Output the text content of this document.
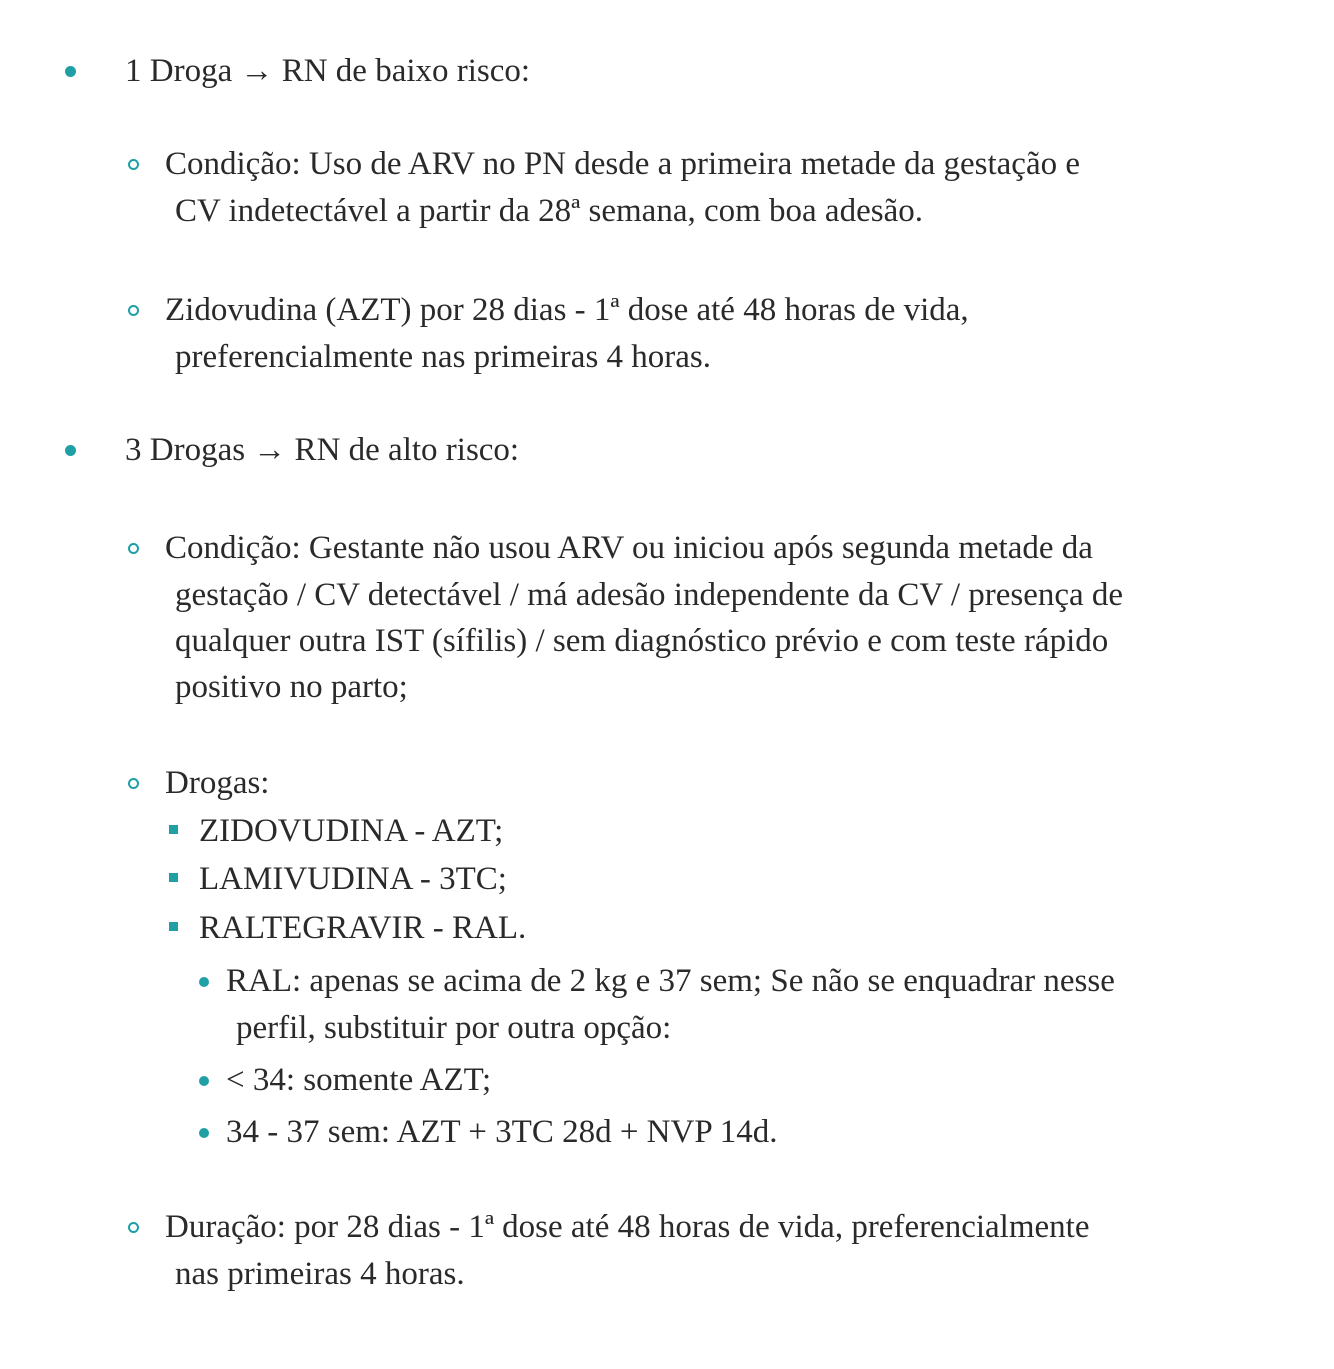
1 Droga → RN de baixo risco:
Condição: Uso de ARV no PN desde a primeira metade da gestação e
CV indetectável a partir da 28ª semana, com boa adesão.
Zidovudina (AZT) por 28 dias - 1ª dose até 48 horas de vida,
preferencialmente nas primeiras 4 horas.
3 Drogas → RN de alto risco:
Condição: Gestante não usou ARV ou iniciou após segunda metade da
gestação / CV detectável / má adesão independente da CV / presença de
qualquer outra IST (sífilis) / sem diagnóstico prévio e com teste rápido
positivo no parto;
Drogas:
ZIDOVUDINA - AZT;
LAMIVUDINA - 3TC;
RALTEGRAVIR - RAL.
RAL: apenas se acima de 2 kg e 37 sem; Se não se enquadrar nesse
perfil, substituir por outra opção:
< 34: somente AZT;
34 - 37 sem: AZT + 3TC 28d + NVP 14d.
Duração: por 28 dias - 1ª dose até 48 horas de vida, preferencialmente
nas primeiras 4 horas.
